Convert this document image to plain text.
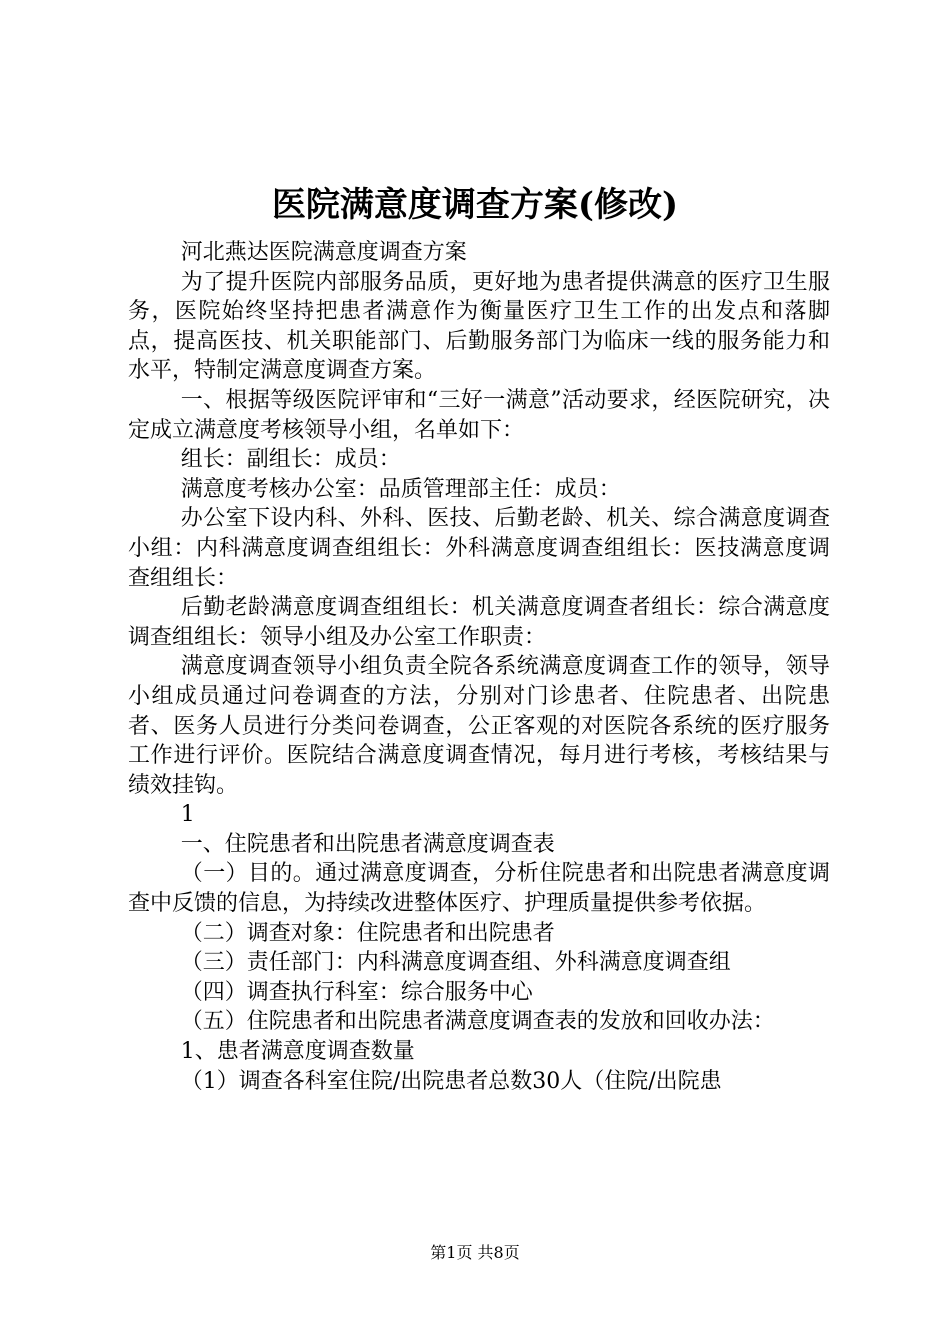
医院满意度调查方案(修改)

河北燕达医院满意度调查方案

为了提升医院内部服务品质，更好地为患者提供满意的医疗卫生服务，医院始终坚持把患者满意作为衡量医疗卫生工作的出发点和落脚点，提高医技、机关职能部门、后勤服务部门为临床一线的服务能力和水平，特制定满意度调查方案。

一、根据等级医院评审和“三好一满意”活动要求，经医院研究，决定成立满意度考核领导小组，名单如下：

组长：副组长：成员：

满意度考核办公室：品质管理部主任：成员：

办公室下设内科、外科、医技、后勤老龄、机关、综合满意度调查小组：内科满意度调查组组长：外科满意度调查组组长：医技满意度调查组组长：

后勤老龄满意度调查组组长：机关满意度调查者组长：综合满意度调查组组长：领导小组及办公室工作职责：

满意度调查领导小组负责全院各系统满意度调查工作的领导，领导小组成员通过问卷调查的方法，分别对门诊患者、住院患者、出院患者、医务人员进行分类问卷调查，公正客观的对医院各系统的医疗服务工作进行评价。医院结合满意度调查情况，每月进行考核，考核结果与绩效挂钩。

1

一、住院患者和出院患者满意度调查表

（一）目的。通过满意度调查，分析住院患者和出院患者满意度调查中反馈的信息，为持续改进整体医疗、护理质量提供参考依据。

（二）调查对象：住院患者和出院患者

（三）责任部门：内科满意度调查组、外科满意度调查组

（四）调查执行科室：综合服务中心

（五）住院患者和出院患者满意度调查表的发放和回收办法：

1、患者满意度调查数量

（1）调查各科室住院/出院患者总数30人（住院/出院患

第1页 共8页
